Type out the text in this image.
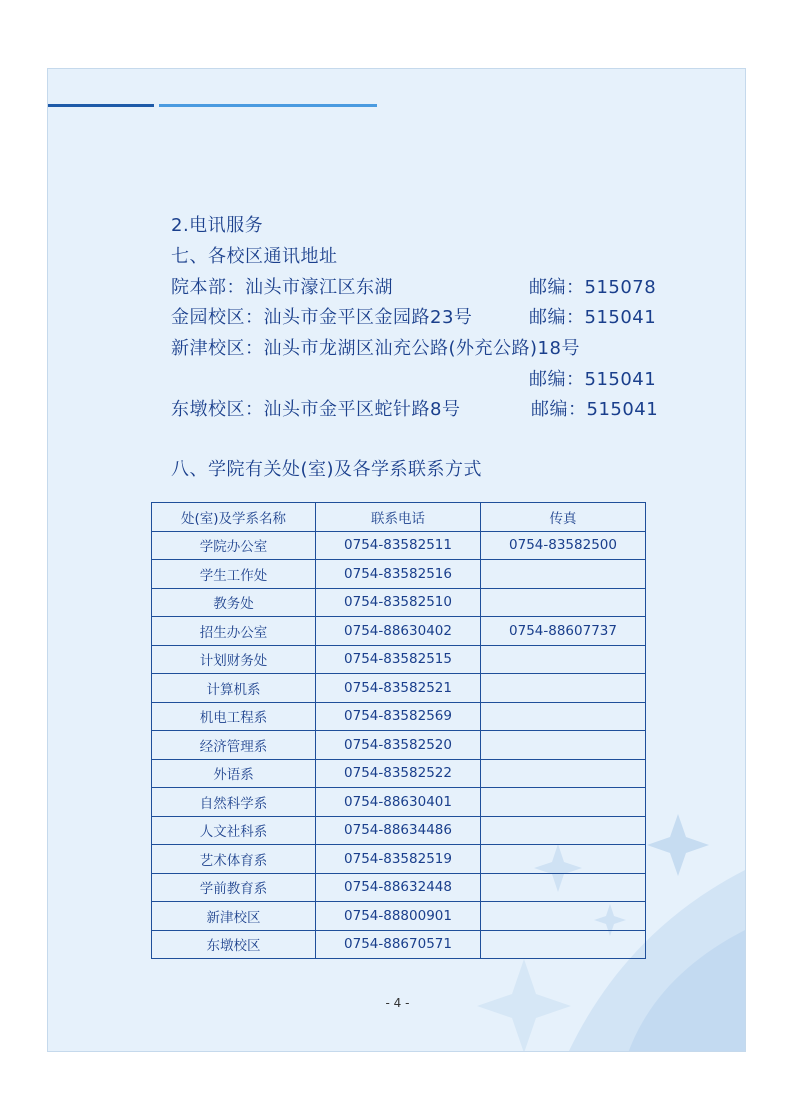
2.电讯服务
七、各校区通讯地址
院本部：汕头市濠江区东湖	邮编：515078
金园校区：汕头市金平区金园路23号	邮编：515041
新津校区：汕头市龙湖区汕充公路(外充公路)18号
邮编：515041
东墩校区：汕头市金平区蛇针路8号	邮编：515041
八、学院有关处(室)及各学系联系方式
处(室)及学系名称	联系电话	传真
学院办公室	0754-83582511	0754-83582500
学生工作处	0754-83582516	
教务处	0754-83582510	
招生办公室	0754-88630402	0754-88607737
计划财务处	0754-83582515	
计算机系	0754-83582521	
机电工程系	0754-83582569	
经济管理系	0754-83582520	
外语系	0754-83582522	
自然科学系	0754-88630401	
人文社科系	0754-88634486	
艺术体育系	0754-83582519	
学前教育系	0754-88632448	
新津校区	0754-88800901	
东墩校区	0754-88670571	
- 4 -
